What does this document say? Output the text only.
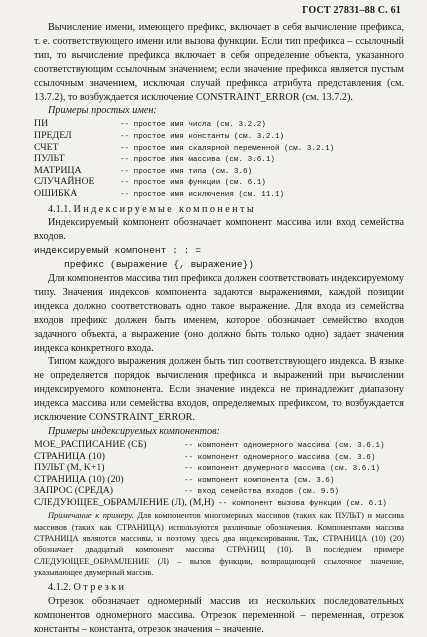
ГОСТ 27831–88 С. 61

Вычисление имени, имеющего префикс, включает в себя вычисление префикса, т. е. соответствующего имени или вызова функции. Если тип префикса – ссылочный тип, то вычисление префикса включает в себя определение объекта, указанного соответствующим ссылочным значением; если значение префикса является пустым ссылочным значением, исключая случай префикса атрибута представления (см. 13.7.2), то возбуждается исключение CONSTRAINT_ERROR (см. 13.7.2).

Примеры простых имен:

ПИ	-- простое имя числа (см. 3.2.2)
ПРЕДЕЛ	-- простое имя константы (см. 3.2.1)
СЧЕТ	-- простое имя скалярной переменной (см. 3.2.1)
ПУЛЬТ	-- простое имя массива (см. 3.6.1)
МАТРИЦА	-- простое имя типа (см. 3.6)
СЛУЧАЙНОЕ	-- простое имя функции (см. 6.1)
ОШИБКА	-- простое имя исключения (см. 11.1)

4.1.1. Индексируемые компоненты

Индексируемый компонент обозначает компонент массива или вход семейства входов.

индексируемый компонент : : =
префикс (выражение {, выражение})

Для компонентов массива тип префикса должен соответствовать индексируемому типу. Значения индексов компонента задаются выражениями, каждой позиции индекса должно соответствовать одно такое выражение. Для входа из семейства входов префикс должен быть именем, которое обозначает семейство входов задачного объекта, а выражение (оно должно быть только одно) задает значения индекса конкретного входа.

Типом каждого выражения должен быть тип соответствующего индекса. В языке не определяется порядок вычисления префикса и выражений при вычислении индексируемого компонента. Если значение индекса не принадлежит диапазону индекса массива или семейства входов, определяемых префиксом, то возбуждается исключение CONSTRAINT_ERROR.

Примеры индексируемых компонентов:

МОЕ_РАСПИСАНИЕ (СБ)	-- компонент одномерного массива (см. 3.6.1)
СТРАНИЦА (10)	-- компонент одномерного массива (см. 3.6)
ПУЛЬТ (M, K+1)	-- компонент двумерного массива (см. 3.6.1)
СТРАНИЦА (10) (20)	-- компонент компонента (см. 3.6)
ЗАПРОС (СРЕДА)	-- вход семейства входов (см. 9.5)
СЛЕДУЮЩЕЕ_ОБРАМЛЕНИЕ (Л), (M,H) -- компонент вызова функции (см. 6.1)

Примечание к примеру. Для компонентов многомерных массивов (таких как ПУЛЬТ) и массива массивов (таких как СТРАНИЦА) используются различные обозначения. Компонентами массива СТРАНИЦА являются массивы, и поэтому здесь два индексирования. Так, СТРАНИЦА (10) (20) обозначает двадцатый компонент массива СТРАНИЦ (10). В последнем примере СЛЕДУЮЩЕЕ_ОБРАМЛЕНИЕ (Л) – вызов функции, возвращающей ссылочное значение, указывающее двумерный массив.

4.1.2. Отрезки

Отрезок обозначает одномерный массив из нескольких последовательных компонентов одномерного массива. Отрезок переменной – переменная, отрезок константы – константа, отрезок значения – значение.
